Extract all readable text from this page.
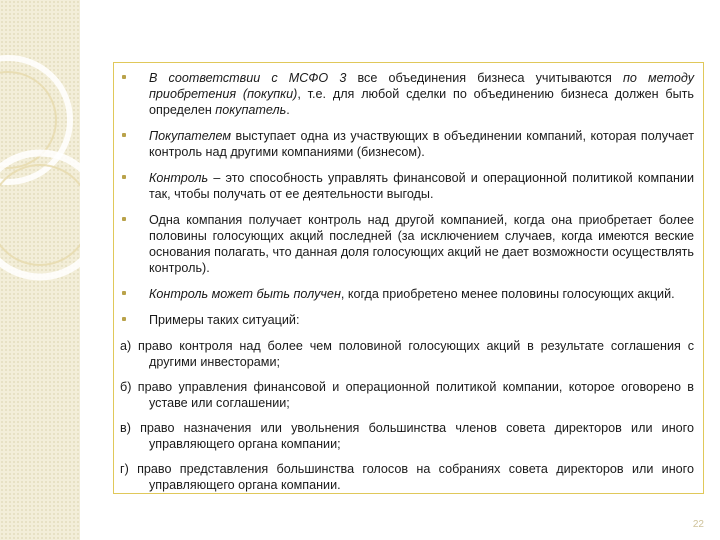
В соответствии с МСФО 3 все объединения бизнеса учитываются по методу приобретения (покупки), т.е. для любой сделки по объединению бизнеса должен быть определен покупатель.
Покупателем выступает одна из участвующих в объединении компаний, которая получает контроль над другими компаниями (бизнесом).
Контроль – это способность управлять финансовой и операционной политикой компании так, чтобы получать от ее деятельности выгоды.
Одна компания получает контроль над другой компанией, когда она приобретает более половины голосующих акций последней (за исключением случаев, когда имеются веские основания полагать, что данная доля голосующих акций не дает возможности осуществлять контроль).
Контроль может быть получен, когда приобретено менее половины голосующих акций.
Примеры таких ситуаций:
а) право контроля над более чем половиной голосующих акций в результате соглашения с другими инвесторами;
б) право управления финансовой и операционной политикой компании, которое оговорено в уставе или соглашении;
в) право назначения или увольнения большинства членов совета директоров или иного управляющего органа компании;
г) право представления большинства голосов на собраниях совета директоров или иного управляющего органа компании.
22
